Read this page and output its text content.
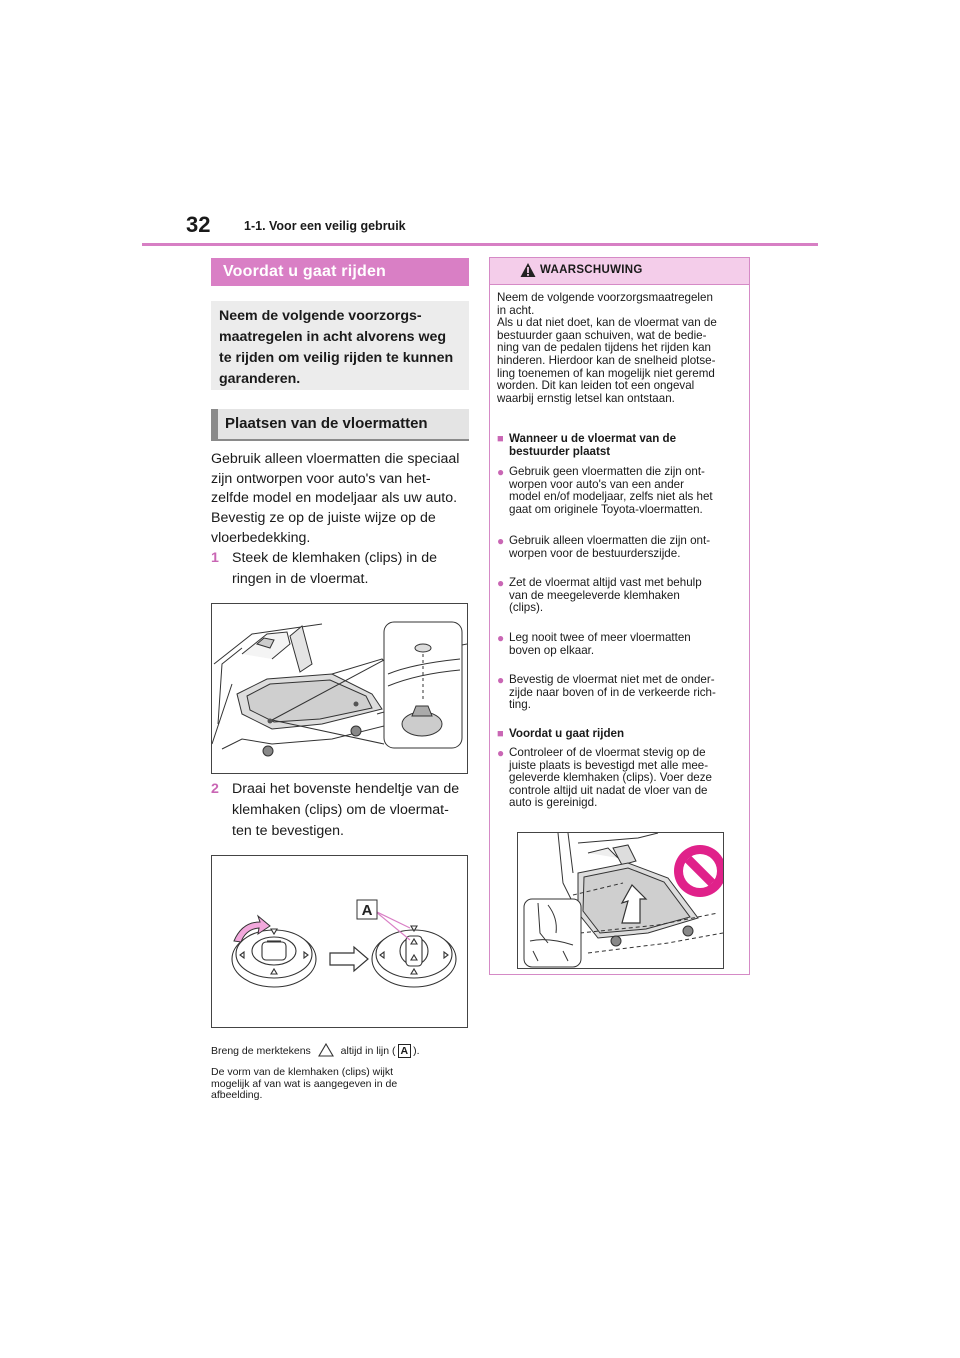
32	1-1. Voor een veilig gebruik
Voordat u gaat rijden
Neem de volgende voorzorgs-
maatregelen in acht alvorens weg
te rijden om veilig rijden te kunnen
garanderen.
Plaatsen van de vloermatten
Gebruik alleen vloermatten die speciaal
zijn ontworpen voor auto's van het-
zelfde model en modeljaar als uw auto.
Bevestig ze op de juiste wijze op de
vloerbedekking.
1 Steek de klemhaken (clips) in de
ringen in de vloermat.
2 Draai het bovenste hendeltje van de
klemhaken (clips) om de vloermat-
ten te bevestigen.
A
Breng de merktekens	altijd in lijn ( A ).
De vorm van de klemhaken (clips) wijkt
mogelijk af van wat is aangegeven in de
afbeelding.
WAARSCHUWING
Neem de volgende voorzorgsmaatregelen
in acht.
Als u dat niet doet, kan de vloermat van de
bestuurder gaan schuiven, wat de bedie-
ning van de pedalen tijdens het rijden kan
hinderen. Hierdoor kan de snelheid plotse-
ling toenemen of kan mogelijk niet geremd
worden. Dit kan leiden tot een ongeval
waarbij ernstig letsel kan ontstaan.
■ Wanneer u de vloermat van de
bestuurder plaatst
● Gebruik geen vloermatten die zijn ont-
worpen voor auto's van een ander
model en/of modeljaar, zelfs niet als het
gaat om originele Toyota-vloermatten.
● Gebruik alleen vloermatten die zijn ont-
worpen voor de bestuurderszijde.
● Zet de vloermat altijd vast met behulp
van de meegeleverde klemhaken
(clips).
● Leg nooit twee of meer vloermatten
boven op elkaar.
● Bevestig de vloermat niet met de onder-
zijde naar boven of in de verkeerde rich-
ting.
■ Voordat u gaat rijden
● Controleer of de vloermat stevig op de
juiste plaats is bevestigd met alle mee-
geleverde klemhaken (clips). Voer deze
controle altijd uit nadat de vloer van de
auto is gereinigd.
